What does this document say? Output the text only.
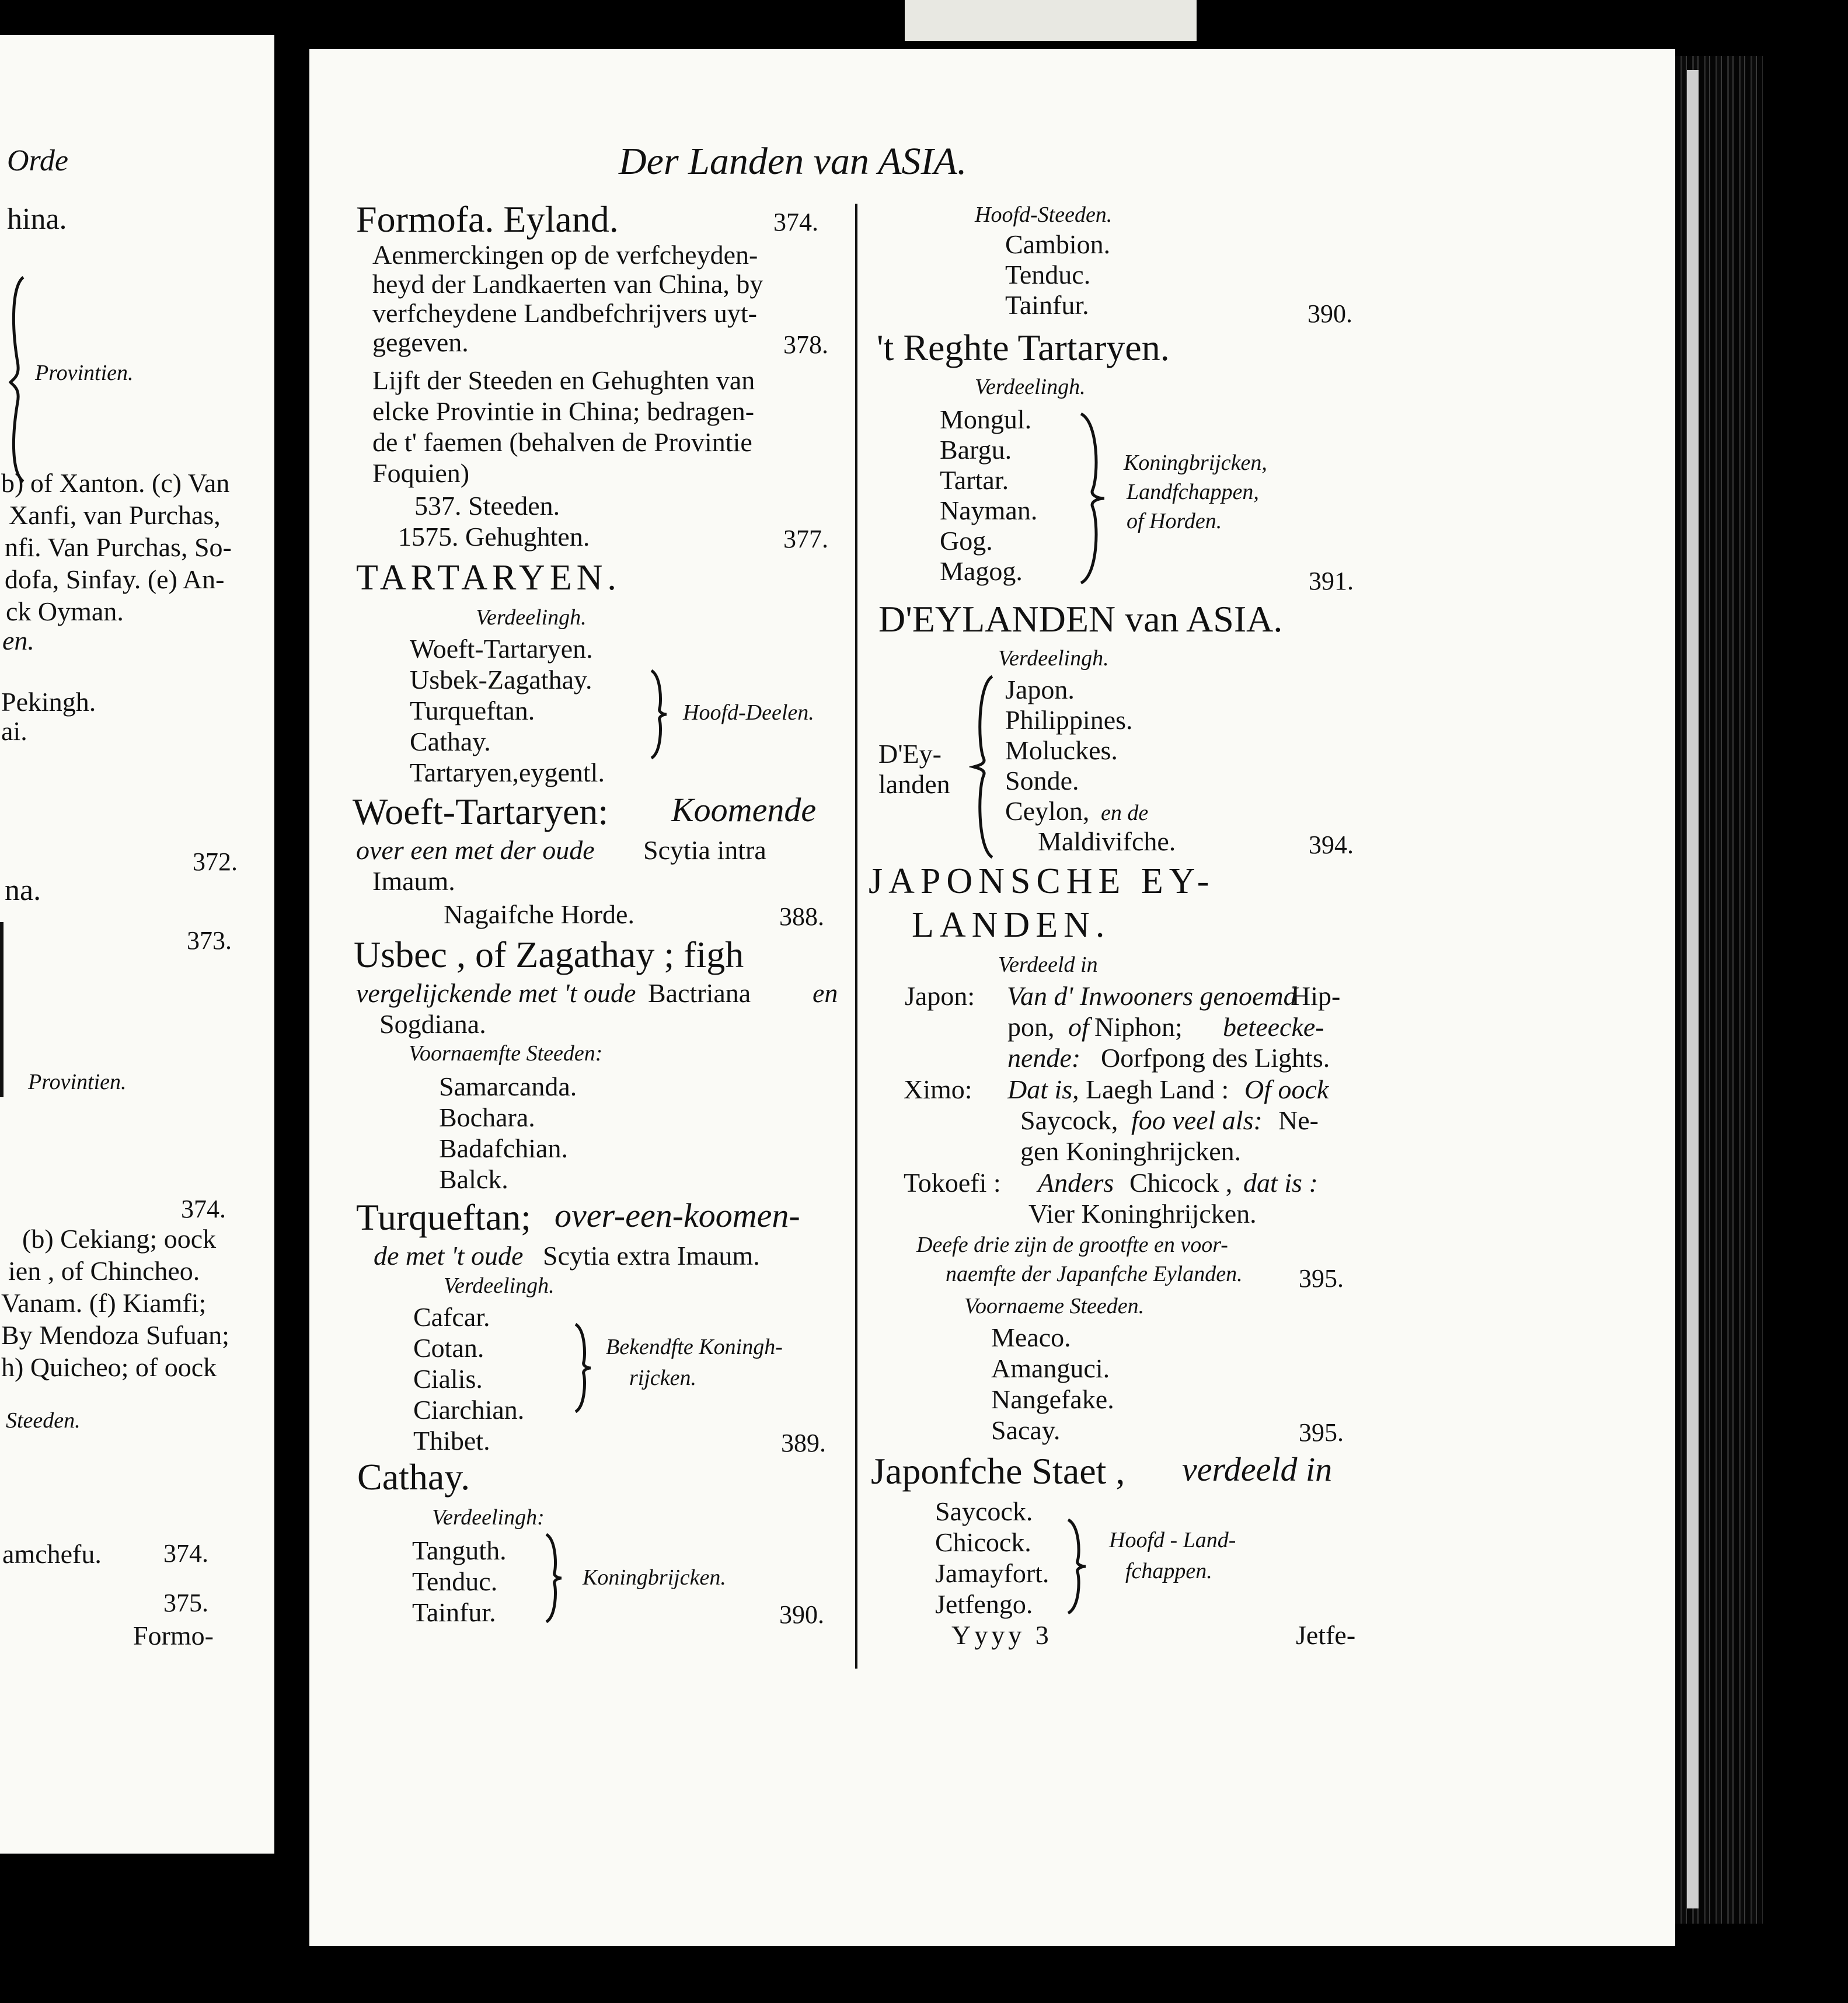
Orde
hina.
Provintien.
b) of Xanton. (c) Van
Xanfi, van Purchas,
nfi. Van Purchas, So-
dofa, Sinfay. (e) An-
ck Oyman.
en.
Pekingh.
ai.
372.
na.
373.
Provintien.
374.
(b) Cekiang; oock
ien , of Chincheo.
Vanam. (f) Kiamfi;
By Mendoza Sufuan;
h) Quicheo; of oock
Steeden.
amchefu. 374.
375.
Formo-
Der Landen van ASIA.
Formofa. Eyland.	374.
Aenmerckingen op de verfcheyden-
heyd der Landkaerten van China, by
verfcheydene Landbefchrijvers uyt-
gegeven.	378.
Lijft der Steeden en Gehughten van
elcke Provintie in China; bedragen-
de t' faemen (behalven de Provintie
Foquien)
537. Steeden.
1575. Gehughten.	377.
TARTARYEN.
Verdeelingh.
Woeft-Tartaryen.
Usbek-Zagathay.
Turqueftan.
Cathay.
Tartaryen,eygentl.
Hoofd-Deelen.
Woeft-Tartaryen: Koomende
over een met der oude Scytia intra
Imaum.
Nagaifche Horde.	388.
Usbec , of Zagathay ; figh
vergelijckende met 't oude Bactriana en
Sogdiana.
Voornaemfte Steeden:
Samarcanda.
Bochara.
Badafchian.
Balck.
Turqueftan; over-een-koomen-
de met 't oude Scytia extra Imaum.
Verdeelingh.
Cafcar.
Cotan.
Cialis.
Ciarchian.
Thibet.
Bekendfte Koningh-
rijcken.
389.
Cathay.
Verdeelingh:
Tanguth.
Tenduc.
Tainfur.
Koningbrijcken.
390.
Hoofd-Steeden.
Cambion.
Tenduc.
Tainfur.	390.
't Reghte Tartaryen.
Verdeelingh.
Mongul.
Bargu.
Tartar.
Nayman.
Gog.
Magog.
Koningbrijcken,
Landfchappen,
of Horden.
391.
D'EYLANDEN van ASIA.
Verdeelingh.
D'Ey-
landen
Japon.
Philippines.
Moluckes.
Sonde.
Ceylon, en de
Maldivifche.	394.
JAPONSCHE EY-
LANDEN.
Verdeeld in
Japon: Van d' Inwooners genoemd
Hip-
pon, of Niphon; beteecke-
nende: Oorfpong des Lights.
Ximo: Dat is, Laegh Land : Of oock
Saycock, foo veel als: Ne-
gen Koninghrijcken.
Tokoefi : Anders Chicock , dat is :
Vier Koninghrijcken.
Deefe drie zijn de grootfte en voor-
naemfte der Japanfche Eylanden. 395.
Voornaeme Steeden.
Meaco.
Amanguci.
Nangefake.
Sacay.	395.
Japonfche Staet , verdeeld in
Saycock.
Chicock.
Jamayfort.
Jetfengo.
Hoofd - Land-
fchappen.
Yyyy 3	Jetfe-
